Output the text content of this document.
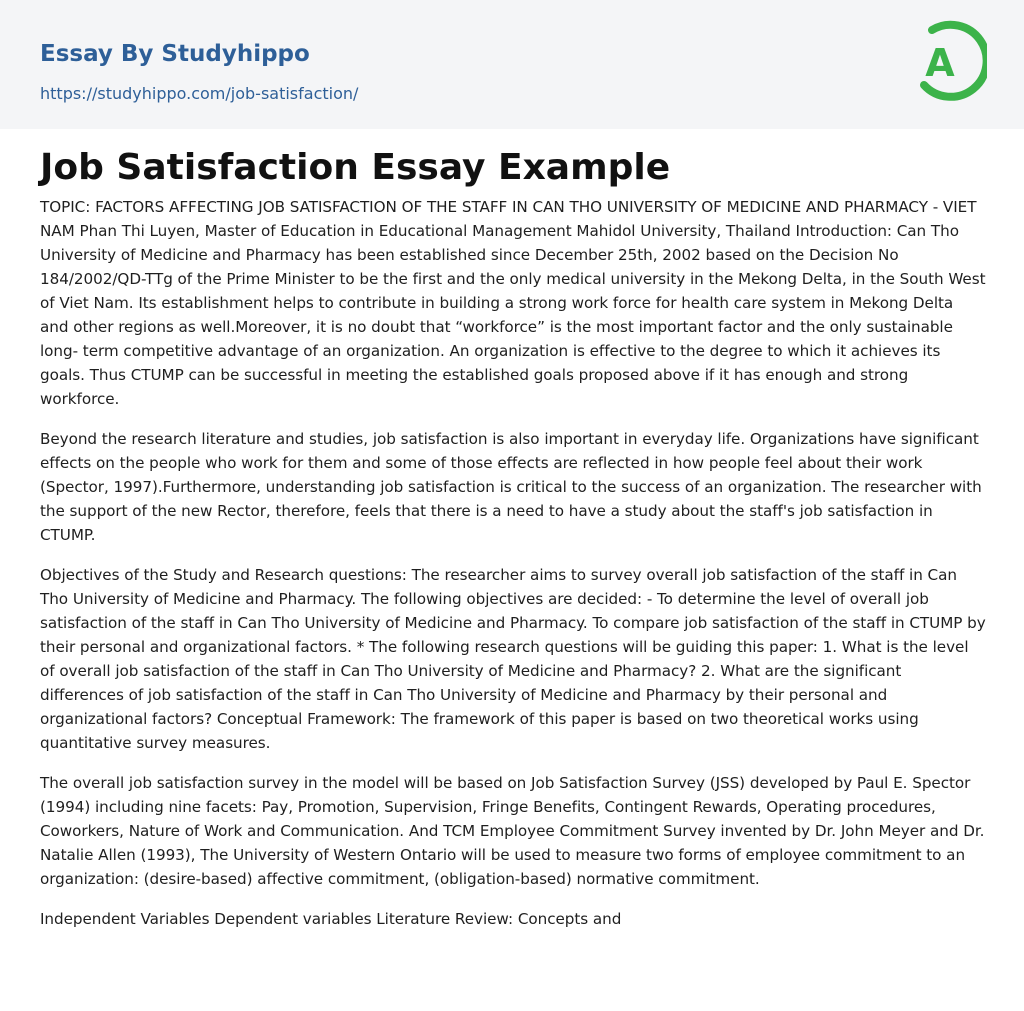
Essay By Studyhippo
https://studyhippo.com/job-satisfaction/
A
Job Satisfaction Essay Example

TOPIC: FACTORS AFFECTING JOB SATISFACTION OF THE STAFF IN CAN THO UNIVERSITY OF MEDICINE AND PHARMACY - VIET NAM Phan Thi Luyen, Master of Education in Educational Management Mahidol University, Thailand Introduction: Can Tho University of Medicine and Pharmacy has been established since December 25th, 2002 based on the Decision No 184/2002/QD-TTg of the Prime Minister to be the first and the only medical university in the Mekong Delta, in the South West of Viet Nam. Its establishment helps to contribute in building a strong work force for health care system in Mekong Delta and other regions as well.Moreover, it is no doubt that “workforce” is the most important factor and the only sustainable long- term competitive advantage of an organization. An organization is effective to the degree to which it achieves its goals. Thus CTUMP can be successful in meeting the established goals proposed above if it has enough and strong workforce.

Beyond the research literature and studies, job satisfaction is also important in everyday life. Organizations have significant effects on the people who work for them and some of those effects are reflected in how people feel about their work (Spector, 1997).Furthermore, understanding job satisfaction is critical to the success of an organization. The researcher with the support of the new Rector, therefore, feels that there is a need to have a study about the staff's job satisfaction in CTUMP.

Objectives of the Study and Research questions: The researcher aims to survey overall job satisfaction of the staff in Can Tho University of Medicine and Pharmacy. The following objectives are decided: - To determine the level of overall job satisfaction of the staff in Can Tho University of Medicine and Pharmacy. To compare job satisfaction of the staff in CTUMP by their personal and organizational factors. * The following research questions will be guiding this paper: 1. What is the level of overall job satisfaction of the staff in Can Tho University of Medicine and Pharmacy? 2. What are the significant differences of job satisfaction of the staff in Can Tho University of Medicine and Pharmacy by their personal and organizational factors? Conceptual Framework: The framework of this paper is based on two theoretical works using quantitative survey measures.

The overall job satisfaction survey in the model will be based on Job Satisfaction Survey (JSS) developed by Paul E. Spector (1994) including nine facets: Pay, Promotion, Supervision, Fringe Benefits, Contingent Rewards, Operating procedures, Coworkers, Nature of Work and Communication. And TCM Employee Commitment Survey invented by Dr. John Meyer and Dr. Natalie Allen (1993), The University of Western Ontario will be used to measure two forms of employee commitment to an organization: (desire-based) affective commitment, (obligation-based) normative commitment.

Independent Variables Dependent variables Literature Review: Concepts and
